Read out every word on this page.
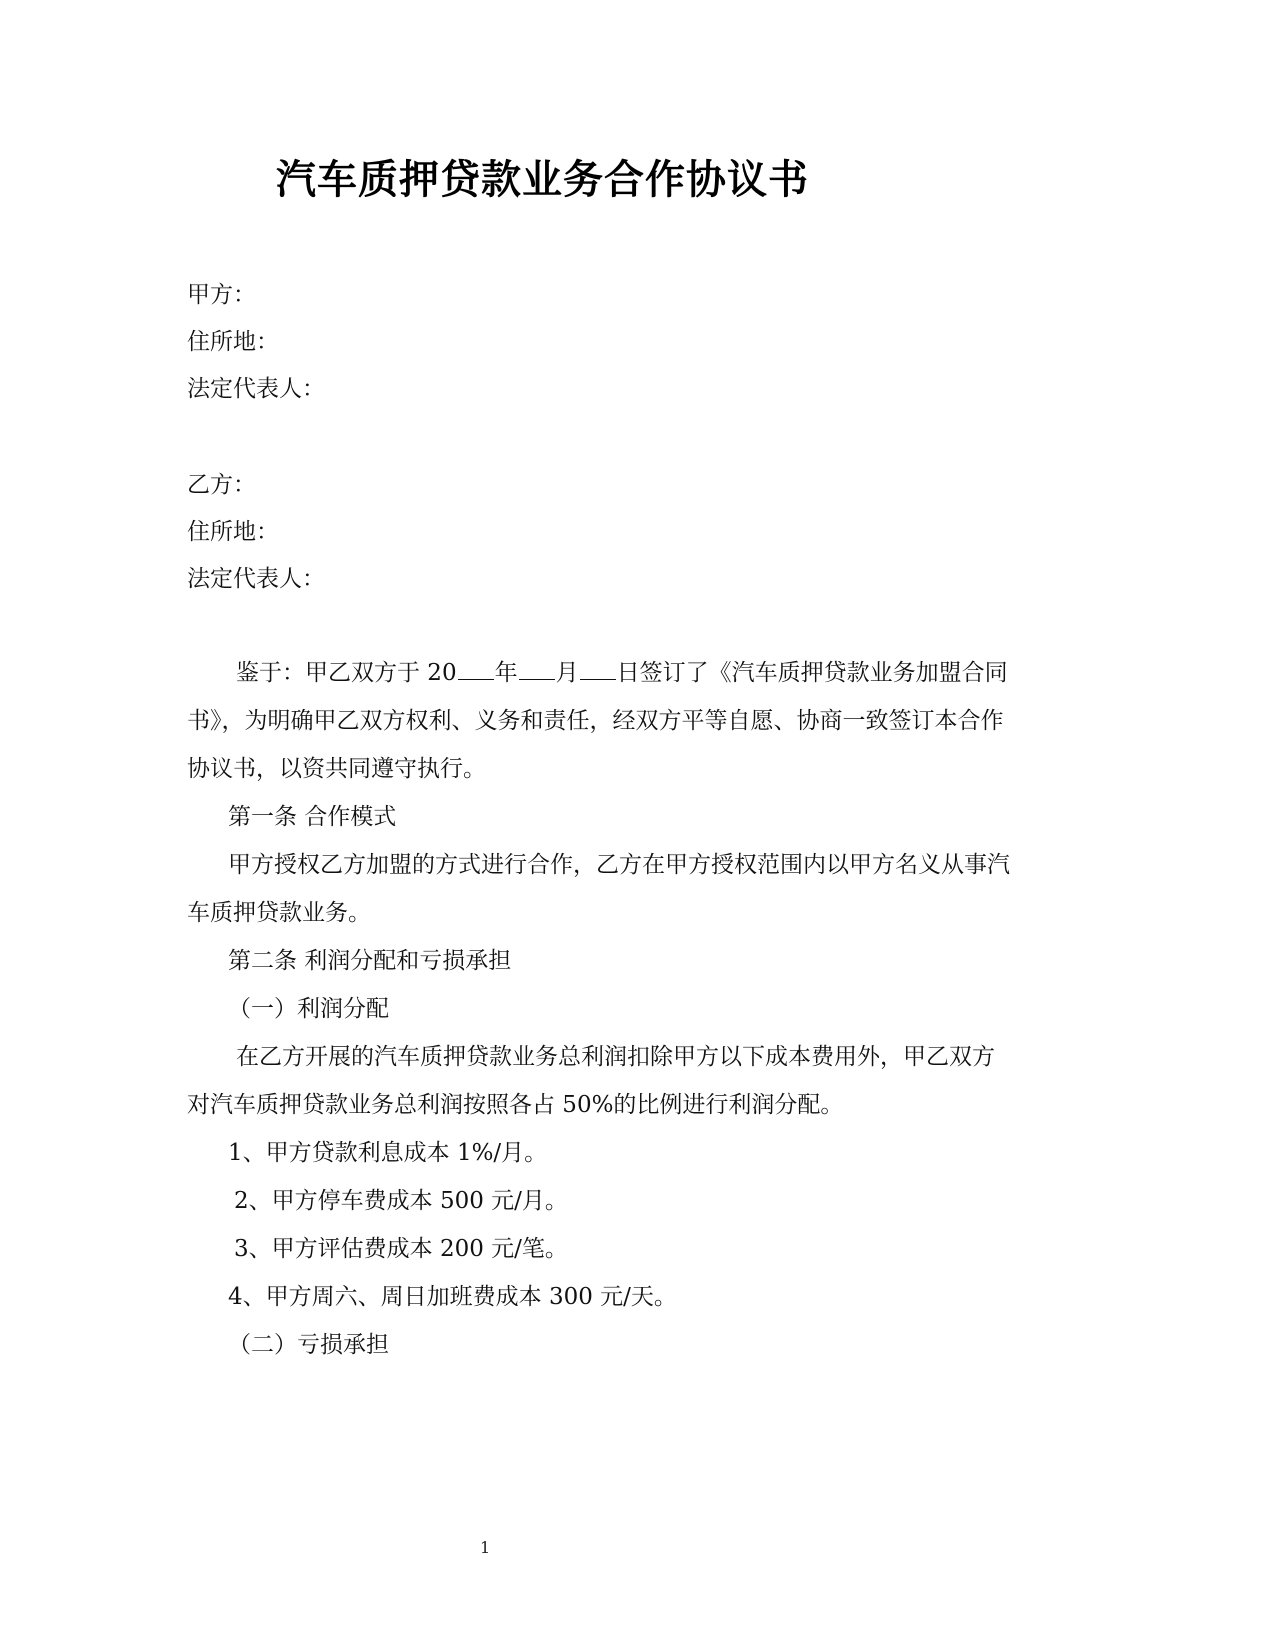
汽车质押贷款业务合作协议书
甲方：
住所地：
法定代表人：
乙方：
住所地：
法定代表人：
鉴于：甲乙双方于 20 年 月 日签订了《汽车质押贷款业务加盟合同
书》，为明确甲乙双方权利、义务和责任，经双方平等自愿、协商一致签订本合作
协议书，以资共同遵守执行。
第一条 合作模式
甲方授权乙方加盟的方式进行合作，乙方在甲方授权范围内以甲方名义从事汽
车质押贷款业务。
第二条 利润分配和亏损承担
（一）利润分配
在乙方开展的汽车质押贷款业务总利润扣除甲方以下成本费用外，甲乙双方
对汽车质押贷款业务总利润按照各占 50%的比例进行利润分配。
1、甲方贷款利息成本 1%/月。
2、甲方停车费成本 500 元/月。
3、甲方评估费成本 200 元/笔。
4、甲方周六、周日加班费成本 300 元/天。
（二）亏损承担
1
